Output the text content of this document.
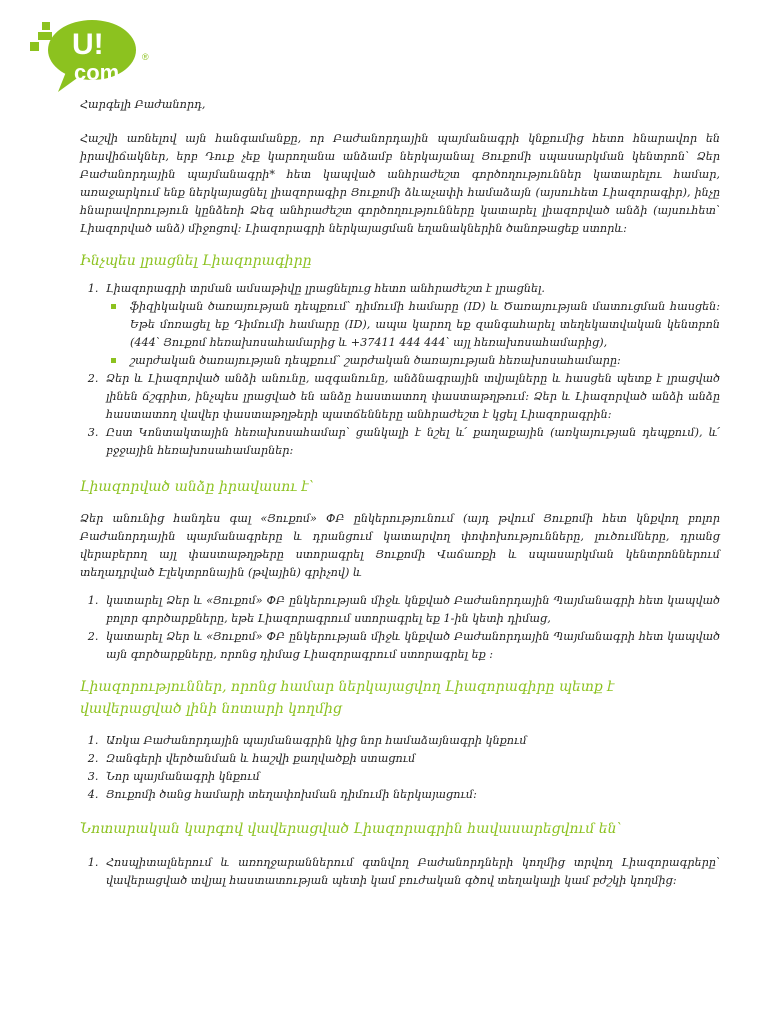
U!
com
®

Հարգելի Բաժանորդ,

Հաշվի առնելով այն հանգամանքը, որ Բաժանորդային պայմանագրի կնքումից հետո հնարավոր են իրավիճակներ, երբ Դուք չեք կարողանա անձամբ ներկայանալ Յուքոմի սպասարկման կենտրոն՝ Ձեր Բաժանորդային պայմանագրի* հետ կապված անհրաժեշտ գործողություններ կատարելու համար, առաջարկում ենք ներկայացնել լիազորագիր Յուքոմի ձևաչափի համաձայն (այսուհետ Լիազորագիր), ինչը հնարավորություն կընձեռի Ձեզ անհրաժեշտ գործողությունները կատարել լիազորված անձի (այսուհետ՝ Լիազորված անձ) միջոցով: Լիազորագրի ներկայացման եղանակներին ծանոթացեք ստորև:

Ինչպես լրացնել Լիազորագիրը

1. Լիազորագրի տրման ամսաթիվը լրացնելուց հետո անհրաժեշտ է լրացնել.
ֆիզիկական ծառայության դեպքում՝ դիմումի համարը (ID) և Ծառայության մատուցման հասցեն: Եթե մոռացել եք Դիմումի համարը (ID), ապա կարող եք զանգահարել տեղեկատվական կենտրոն (444՝ Յուքոմ հեռախոսահամարից և +37411 444 444՝ այլ հեռախոսահամարից),
շարժական ծառայության դեպքում՝ շարժական ծառայության հեռախոսահամարը:
2. Ձեր և Լիազորված անձի անունը, ազգանունը, անձնագրային տվյալները և հասցեն պետք է լրացված լինեն ճշգրիտ, ինչպես լրացված են անձը հաստատող փաստաթղթում: Ձեր և Լիազորված անձի անձը հաստատող վավեր փաստաթղթերի պատճենները անհրաժեշտ է կցել Լիազորագրին:
3. Ըստ Կոնտակտային հեռախոսահամար՝ ցանկալի է նշել և՛ քաղաքային (առկայության դեպքում), և՛ բջջային հեռախոսահամարներ:

Լիազորված անձը իրավասու է՝

Ձեր անունից հանդես գալ «Յուքոմ» ՓԲ ընկերությունում (այդ թվում Յուքոմի հետ կնքվող բոլոր Բաժանորդային պայմանագրերը և դրանցում կատարվող փոփոխությունները, լուծումները, դրանց վերաբերող այլ փաստաթղթերը ստորագրել Յուքոմի Վաճառքի և սպասարկման կենտրոններում տեղադրված Էլեկտրոնային (թվային) գրիչով) և

1. կատարել Ձեր և «Յուքոմ» ՓԲ ընկերության միջև կնքված Բաժանորդային Պայմանագրի հետ կապված բոլոր գործարքները, եթե Լիազորագրում ստորագրել եք 1-ին կետի դիմաց,
2. կատարել Ձեր և «Յուքոմ» ՓԲ ընկերության միջև կնքված Բաժանորդային Պայմանագրի հետ կապված այն գործարքները, որոնց դիմաց Լիազորագրում ստորագրել եք :

Լիազորություններ, որոնց համար ներկայացվող Լիազորագիրը պետք է վավերացված լինի նոտարի կողմից

1. Առկա Բաժանորդային պայմանագրին կից նոր համաձայնագրի կնքում
2. Զանգերի վերծանման և հաշվի քաղվածքի ստացում
3. Նոր պայմանագրի կնքում
4. Յուքոմի ծանց համարի տեղափոխման դիմումի ներկայացում:

Նոտարական կարգով վավերացված Լիազորագրին հավասարեցվում են՝

1. Հոսպիտալներում և առողջարաններում գտնվող Բաժանորդների կողմից տրվող Լիազորագրերը՝ վավերացված տվյալ հաստատության պետի կամ բուժական գծով տեղակալի կամ բժշկի կողմից:
